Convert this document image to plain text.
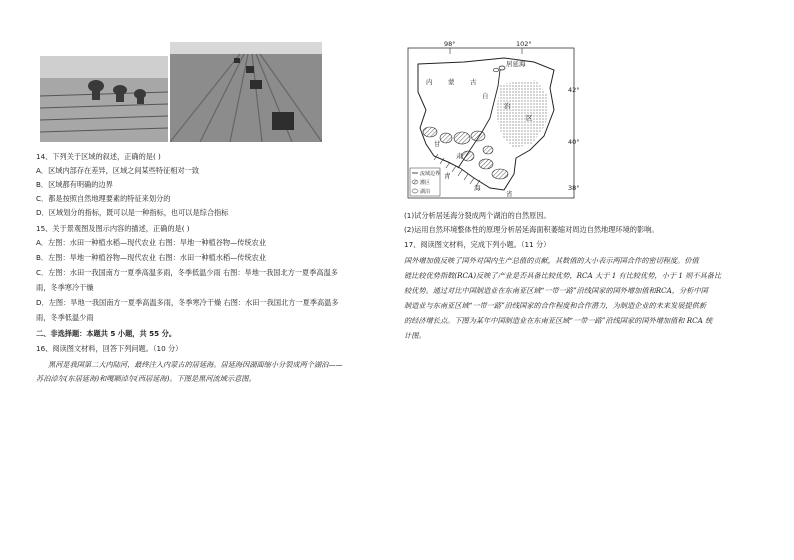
14、下列关于区域的叙述，正确的是( )
A．区域内部存在差异，区域之间某些特征相对一致
B．区域都有明确的边界
C．都是按照自然地理要素的特征来划分的
D．区域划分的指标，既可以是一种指标，也可以是综合指标
15、关于景观图及图示内容的描述，正确的是( )
A．左图：水田一种植水稻—现代农业 右图：旱地一种植谷物—传统农业
B．左图：旱地一种植谷物—现代农业 右图：水田一种植水稻—传统农业
C．左图：水田一我国南方一夏季高温多雨，冬季低温少雨 右图：旱地一我国北方一夏季高温多
雨，冬季寒冷干燥
D．左图：旱地一我国南方一夏季高温多雨，冬季寒冷干燥 右图：水田一我国北方一夏季高温多
雨，冬季低温少雨
二、非选择题：本题共 5 小题，共 55 分。
16、阅读图文材料，回答下列问题。（10 分）
黑河是我国第二大内陆河，最终注入内蒙古的居延海。居延海因湖面缩小分裂成两个湖泊——
苏泊淖尔(东居延海)和嘎顺淖尔(西居延海)。下图是黑河流域示意图。
98°	102°
42°
40°
38°
居延海
内 蒙 古
自
治
区
甘
肃
青
海
省
流域边界
灌区
湖泊
(1)试分析居延海分裂成两个湖泊的自然原因。
(2)运用自然环境整体性的原理分析居延海面积萎缩对周边自然地理环境的影响。
17、阅读图文材料，完成下列小题。（11 分）
国外增加值反映了国外对国内生产总值的贡献，其数值的大小表示两国合作的密切程度。价值
链比较优势指数(RCA)反映了产业是否具备比较优势，RCA 大于 1 有比较优势，小于 1 则不具备比
较优势。通过对比中国制造业在东南亚区域“一带一路”沿线国家的国外增加值和RCA，分析中国
制造业与东南亚区域“一带一路”沿线国家的合作程度和合作潜力，为制造企业的未来发展提供新
的经济增长点。下图为某年中国制造业在东南亚区域“一带一路”沿线国家的国外增加值和 RCA 统
计图。
